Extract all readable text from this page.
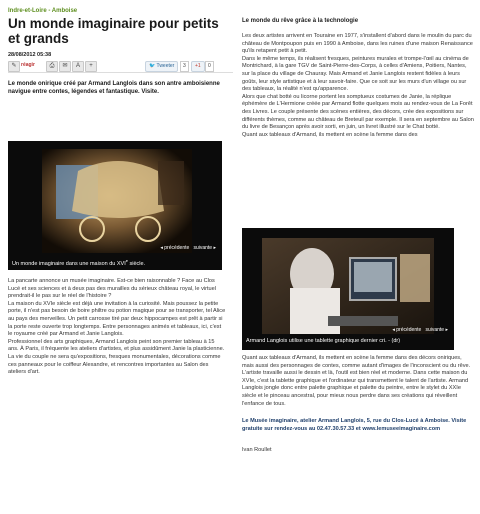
Indre-et-Loire - Amboise
Un monde imaginaire pour petits
et grands
28/08/2012 05:38
✎ réagir	⎙	✉	A	+	🐦 Tweeter	3	+1	0
Le monde onirique créé par Armand Langlois dans son antre amboisienne navigue entre contes, légendes et fantastique. Visite.
◂ précédente suivante ▸
Un monde imaginaire dans une maison du XVIe siècle.

La pancarte annonce un musée imaginaire. Est-ce bien raisonnable ? Face au Clos Lucé et ses sciences et à deux pas des murailles du sérieux château royal, le virtuel prendrait-il le pas sur le réel de l'histoire ?

La maison du XVIe siècle est déjà une invitation à la curiosité. Mais poussez la petite porte, il n'est pas besoin de boire philtre ou potion magique pour se transporter, tel Alice au pays des merveilles. Un petit carrosse tiré par deux hippocampes est prêt à partir si la porte reste ouverte trop longtemps. Entre personnages animés et tableaux, ici, c'est le royaume créé par Armand et Janie Langlois.

Professionnel des arts graphiques, Armand Langlois peint son premier tableau à 15 ans. À Paris, il fréquente les ateliers d'artistes, et plus assidûment Janie la plasticienne. La vie du couple ne sera qu'expositions, fresques monumentales, décorations comme ces panneaux pour le coiffeur Alexandre, et rencontres importantes au Salon des ateliers d'art.

Le monde du rêve grâce à la technologie

Les deux artistes arrivent en Touraine en 1977, s'installent d'abord dans le moulin du parc du château de Montpoupon puis en 1990 à Amboise, dans les ruines d'une maison Renaissance qu'ils retapent petit à petit.

Dans le même temps, ils réalisent fresques, peintures murales et trompe-l'œil au cinéma de Montrichard, à la gare TGV de Saint-Pierre-des-Corps, à celles d'Amiens, Poitiers, Nantes, sur la place du village de Chauray. Mais Armand et Janie Langlois restent fidèles à leurs goûts, leur style artistique et à leur savoir-faire. Que ce soit sur les murs d'un village ou sur des tableaux, la réalité n'est qu'apparence.

Alors que chat botté ou licorne portent les somptueux costumes de Janie, la réplique éphémère de L'Hermione créée par Armand flotte quelques mois au rendez-vous de La Forêt des Livres. Le couple présente des scènes entières, des décors, crée des expositions sur différents thèmes, comme au château de Breteuil par exemple. Il sera en septembre au Salon du livre de Besançon après avoir sorti, en juin, un livret illustré sur le Chat botté.

Quant aux tableaux d'Armand, ils mettent en scène la femme dans des

◂ précédente suivante ▸
Armand Langlois utilise une tablette graphique dernier cri. - (dr)

Quant aux tableaux d'Armand, ils mettent en scène la femme dans des décors oniriques, mais aussi des personnages de contes, comme autant d'images de l'inconscient ou du rêve.

L'artiste travaille aussi le dessin et là, l'outil est bien réel et moderne. Dans cette maison du XVIe, c'est la tablette graphique et l'ordinateur qui transmettent le talent de l'artiste. Armand Langlois jongle donc entre palette graphique et palette du peintre, entre le stylet du XXIe siècle et le pinceau ancestral, pour mieux nous perdre dans ses créations qui réveillent l'enfance de tous.

Le Musée imaginaire, atelier Armand Langlois, 5, rue du Clos-Lucé à Amboise. Visite gratuite sur rendez-vous au 02.47.30.57.33 et www.lemuseeimaginaire.com

Ivan Roullet
